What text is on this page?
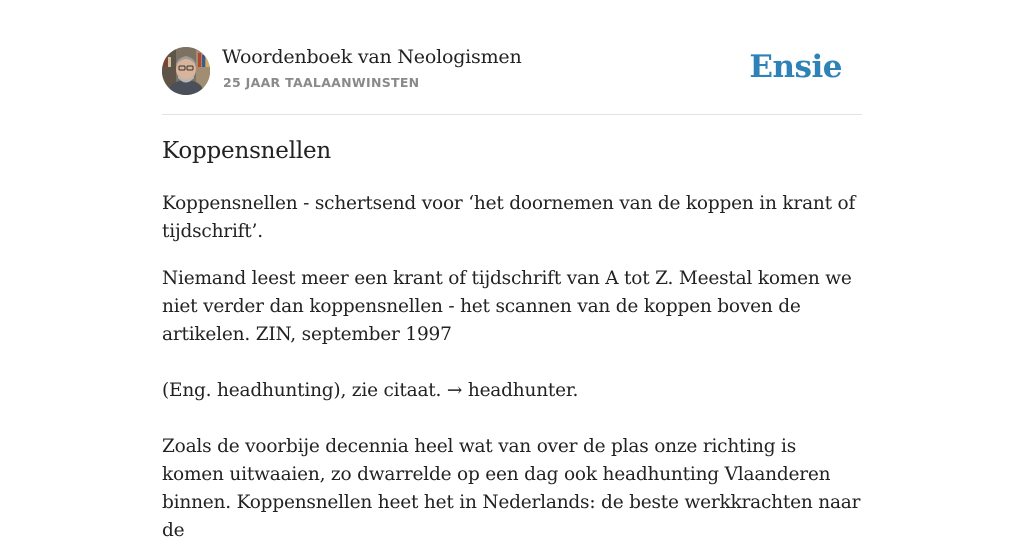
Woordenboek van Neologismen
25 JAAR TAALAANWINSTEN	Ensie
Koppensnellen

Koppensnellen - schertsend voor ‘het doornemen van de koppen in krant of tijdschrift’.

Niemand leest meer een krant of tijdschrift van A tot Z. Meestal komen we niet verder dan koppensnellen - het scannen van de koppen boven de artikelen. ZIN, september 1997

(Eng. headhunting), zie citaat. → headhunter.

Zoals de voorbije decennia heel wat van over de plas onze richting is komen uitwaaien, zo dwarrelde op een dag ook headhunting Vlaanderen binnen. Koppensnellen heet het in Nederlands: de beste werkkrachten naar de
